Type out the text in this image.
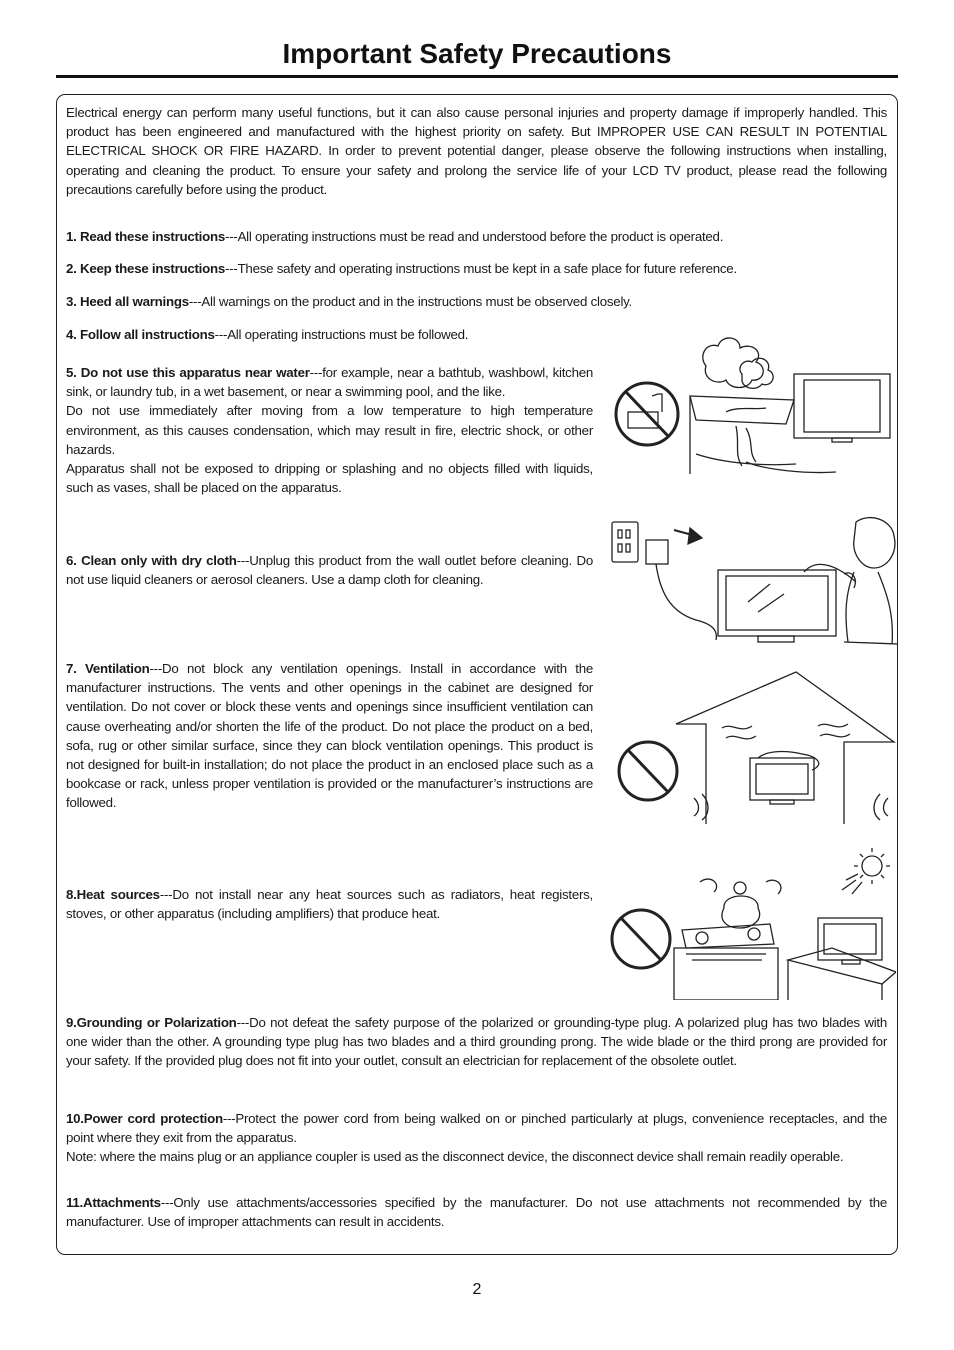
Important Safety Precautions
Electrical energy can perform many useful functions, but it can also cause personal injuries and property damage if improperly handled. This product has been engineered and manufactured with the highest priority on safety. But IMPROPER USE CAN RESULT IN POTENTIAL ELECTRICAL SHOCK OR FIRE HAZARD. In order to prevent potential danger, please observe the following instructions when installing, operating and cleaning the product. To ensure your safety and prolong the service life of your LCD TV product, please read the following precautions carefully before using the product.
1. Read these instructions---All operating instructions must be read and understood before the product is operated.
2. Keep these instructions---These safety and operating instructions must be kept in a safe place for future reference.
3. Heed all warnings---All warnings on the product and in the instructions must be observed closely.
4. Follow all instructions---All operating instructions must be followed.
5. Do not use this apparatus near water---for example, near a bathtub, washbowl, kitchen sink, or laundry tub, in a wet basement, or near a swimming pool, and the like.
Do not use immediately after moving from a low temperature to high temperature environment, as this causes condensation, which may result in fire, electric shock, or other hazards.
Apparatus shall not be exposed to dripping or splashing and no objects filled with liquids, such as vases, shall be placed on the apparatus.
6. Clean only with dry cloth---Unplug this product from the wall outlet before cleaning. Do not use liquid cleaners or aerosol cleaners. Use a damp cloth for cleaning.
7. Ventilation---Do not block any ventilation openings. Install in accordance with the manufacturer instructions. The vents and other openings in the cabinet are designed for ventilation. Do not cover or block these vents and openings since insufficient ventilation can cause overheating and/or shorten the life of the product. Do not place the product on a bed, sofa, rug or other similar surface, since they can block ventilation openings. This product is not designed for built-in installation; do not place the product in an enclosed place such as a bookcase or rack, unless proper ventilation is provided or the manufacturer’s instructions are followed.
8.Heat sources---Do not install near any heat sources such as radiators, heat registers, stoves, or other apparatus (including amplifiers) that produce heat.
9.Grounding or Polarization---Do not defeat the safety purpose of the polarized or grounding-type plug. A polarized plug has two blades with one wider than the other. A grounding type plug has two blades and a third grounding prong. The wide blade or the third prong are provided for your safety. If the provided plug does not fit into your outlet, consult an electrician for replacement of the obsolete outlet.
10.Power cord protection---Protect the power cord from being walked on or pinched particularly at plugs, convenience receptacles, and the point where they exit from the apparatus.
Note: where the mains plug or an appliance coupler is used as the disconnect device, the disconnect device shall remain readily operable.
11.Attachments---Only use attachments/accessories specified by the manufacturer. Do not use attachments not recommended by the manufacturer. Use of improper attachments can result in accidents.
2
